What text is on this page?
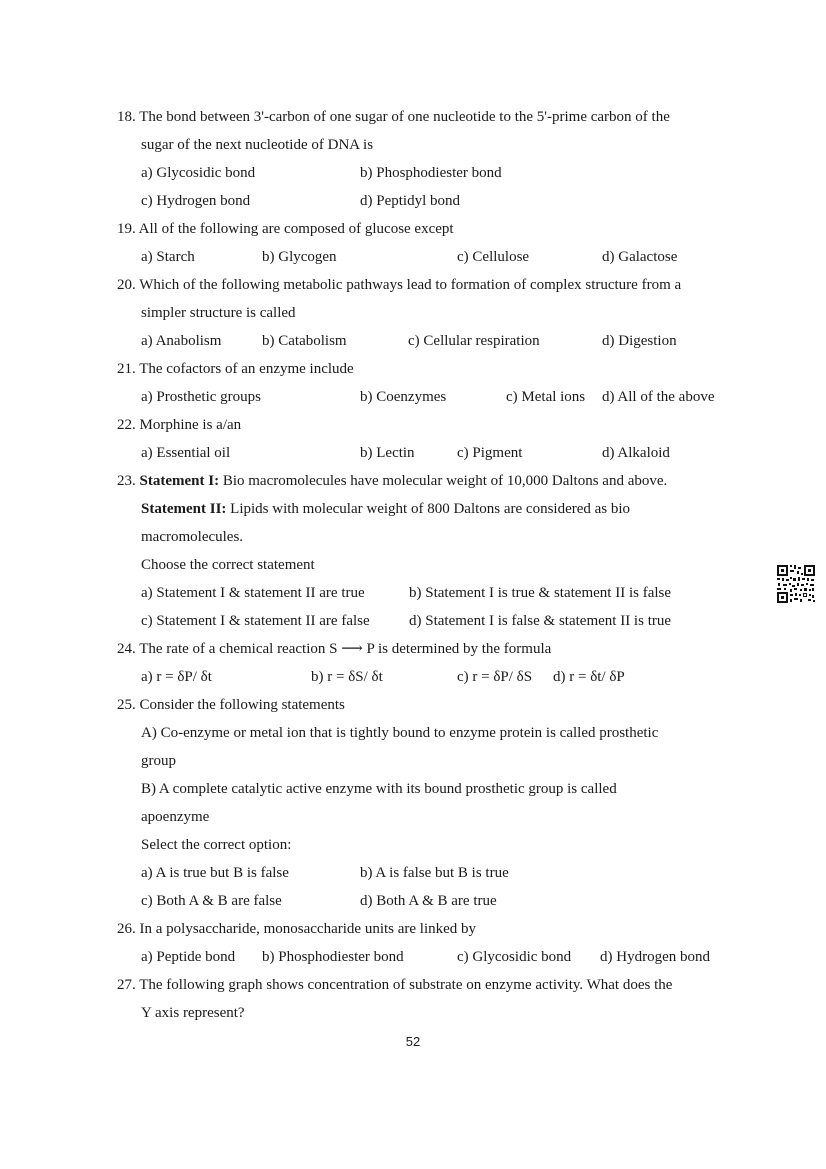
18. The bond between 3'-carbon of one sugar of one nucleotide to the 5'-prime carbon of the
sugar of the next nucleotide of DNA is
a) Glycosidic bond	b) Phosphodiester bond
c) Hydrogen bond	d) Peptidyl bond
19. All of the following are composed of glucose except
a) Starch	b) Glycogen	c) Cellulose	d) Galactose
20. Which of the following metabolic pathways lead to formation of complex structure from a
simpler structure is called
a) Anabolism	b) Catabolism	c) Cellular respiration	d) Digestion
21. The cofactors of an enzyme include
a) Prosthetic groups	b) Coenzymes	c) Metal ions d) All of the above
22. Morphine is a/an
a) Essential oil	b) Lectin	c) Pigment	d) Alkaloid
23. Statement I: Bio macromolecules have molecular weight of 10,000 Daltons and above.
Statement II: Lipids with molecular weight of 800 Daltons are considered as bio
macromolecules.
Choose the correct statement
a) Statement I & statement II are true	b) Statement I is true & statement II is false
c) Statement I & statement II are false	d) Statement I is false & statement II is true
24. The rate of a chemical reaction S ⟶ P is determined by the formula
a) r = δP/ δt	b) r = δS/ δt	c) r = δP/ δS d) r = δt/ δP
25. Consider the following statements
A) Co-enzyme or metal ion that is tightly bound to enzyme protein is called prosthetic
group
B) A complete catalytic active enzyme with its bound prosthetic group is called
apoenzyme
Select the correct option:
a) A is true but B is false	b) A is false but B is true
c) Both A & B are false	d) Both A & B are true
26. In a polysaccharide, monosaccharide units are linked by
a) Peptide bond b) Phosphodiester bond	c) Glycosidic bond d) Hydrogen bond
27. The following graph shows concentration of substrate on enzyme activity. What does the
Y axis represent?
52
